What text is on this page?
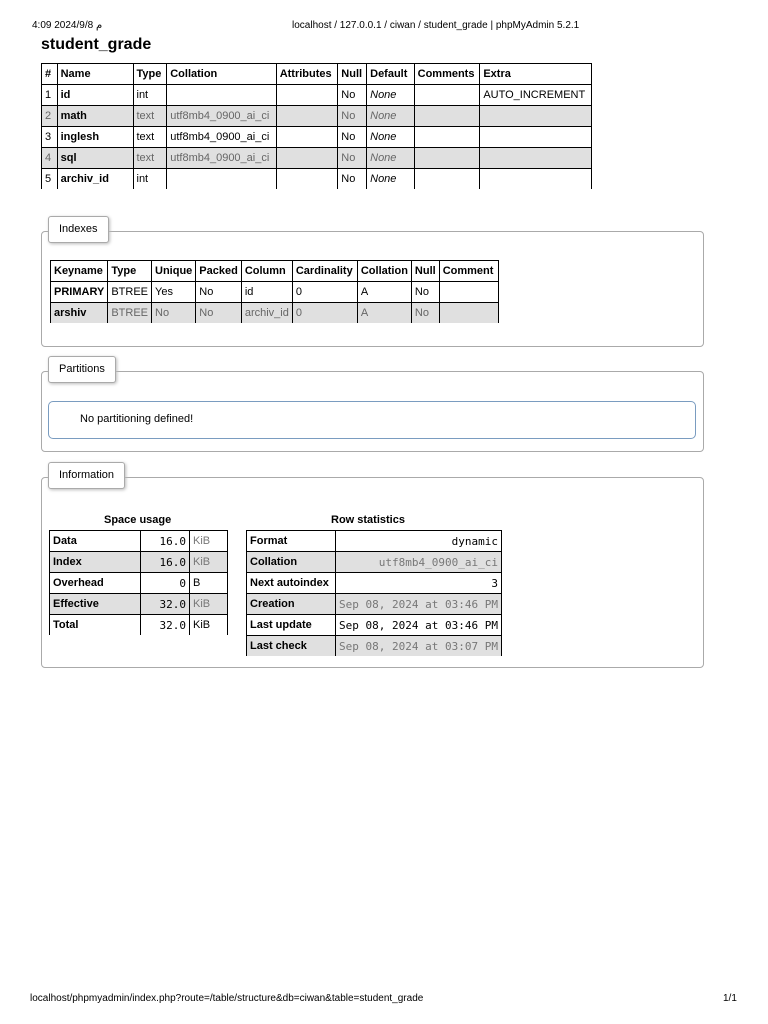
4:09 2024/9/8 م	localhost / 127.0.0.1 / ciwan / student_grade | phpMyAdmin 5.2.1
student_grade
#	Name	Type	Collation	Attributes	Null	Default	Comments	Extra
1	id	int			No	None		AUTO_INCREMENT
2	math	text	utf8mb4_0900_ai_ci		No	None		
3	inglesh	text	utf8mb4_0900_ai_ci		No	None		
4	sql	text	utf8mb4_0900_ai_ci		No	None		
5	archiv_id	int			No	None		
Indexes
Keyname	Type	Unique	Packed	Column	Cardinality	Collation	Null	Comment
PRIMARY	BTREE	Yes	No	id	0	A	No	
arshiv	BTREE	No	No	archiv_id	0	A	No	
Partitions
No partitioning defined!
Information
Space usage
Data	16.0	KiB
Index	16.0	KiB
Overhead	0	B
Effective	32.0	KiB
Total	32.0	KiB
Row statistics
Format	dynamic
Collation	utf8mb4_0900_ai_ci
Next autoindex	3
Creation	Sep 08, 2024 at 03:46 PM
Last update	Sep 08, 2024 at 03:46 PM
Last check	Sep 08, 2024 at 03:07 PM
localhost/phpmyadmin/index.php?route=/table/structure&db=ciwan&table=student_grade	1/1
